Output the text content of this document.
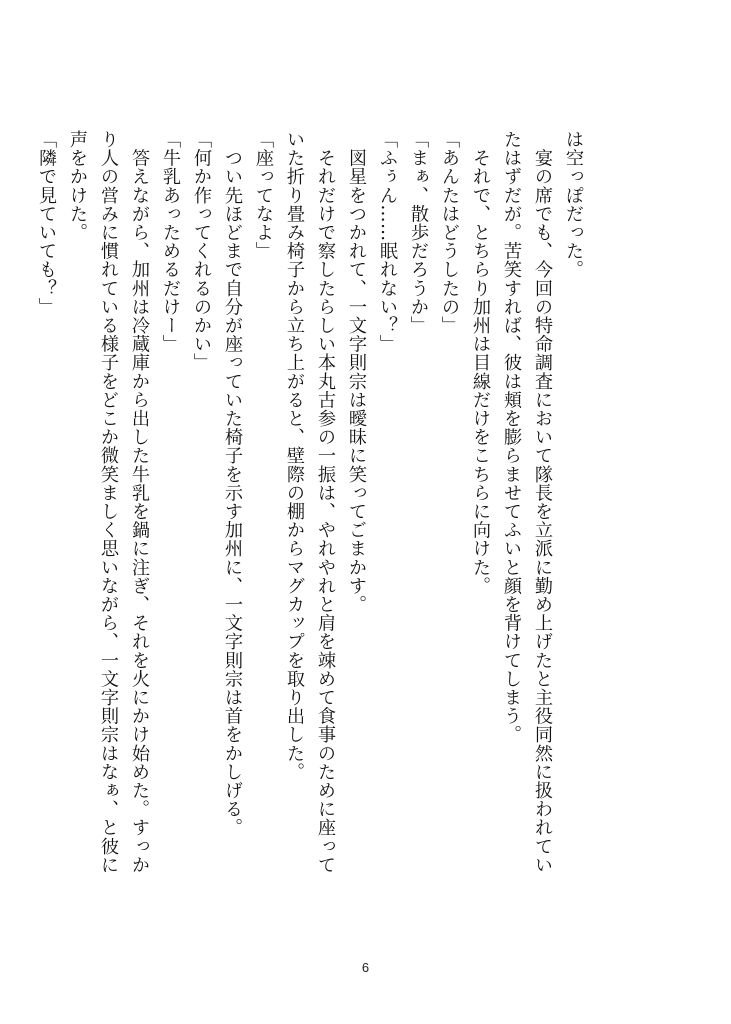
は空っぽだった。

　宴の席でも、今回の特命調査において隊長を立派に勤め上げたと主役同然に扱われてい

たはずだが。苦笑すれば、彼は頬を膨らませてふいと顔を背けてしまう。

　それで、とちらり加州は目線だけをこちらに向けた。

「あんたはどうしたの」

「まぁ、散歩だろうか」

「ふぅん……眠れない？」

　図星をつかれて、一文字則宗は曖昧に笑ってごまかす。

　それだけで察したらしい本丸古参の一振は、やれやれと肩を竦めて食事のために座って

いた折り畳み椅子から立ち上がると、壁際の棚からマグカップを取り出した。

「座ってなよ」

　つい先ほどまで自分が座っていた椅子を示す加州に、一文字則宗は首をかしげる。

「何か作ってくれるのかい」

「牛乳あっためるだけー」

　答えながら、加州は冷蔵庫から出した牛乳を鍋に注ぎ、それを火にかけ始めた。すっか

り人の営みに慣れている様子をどこか微笑ましく思いながら、一文字則宗はなぁ、と彼に

声をかけた。

「隣で見ていても？」

6
